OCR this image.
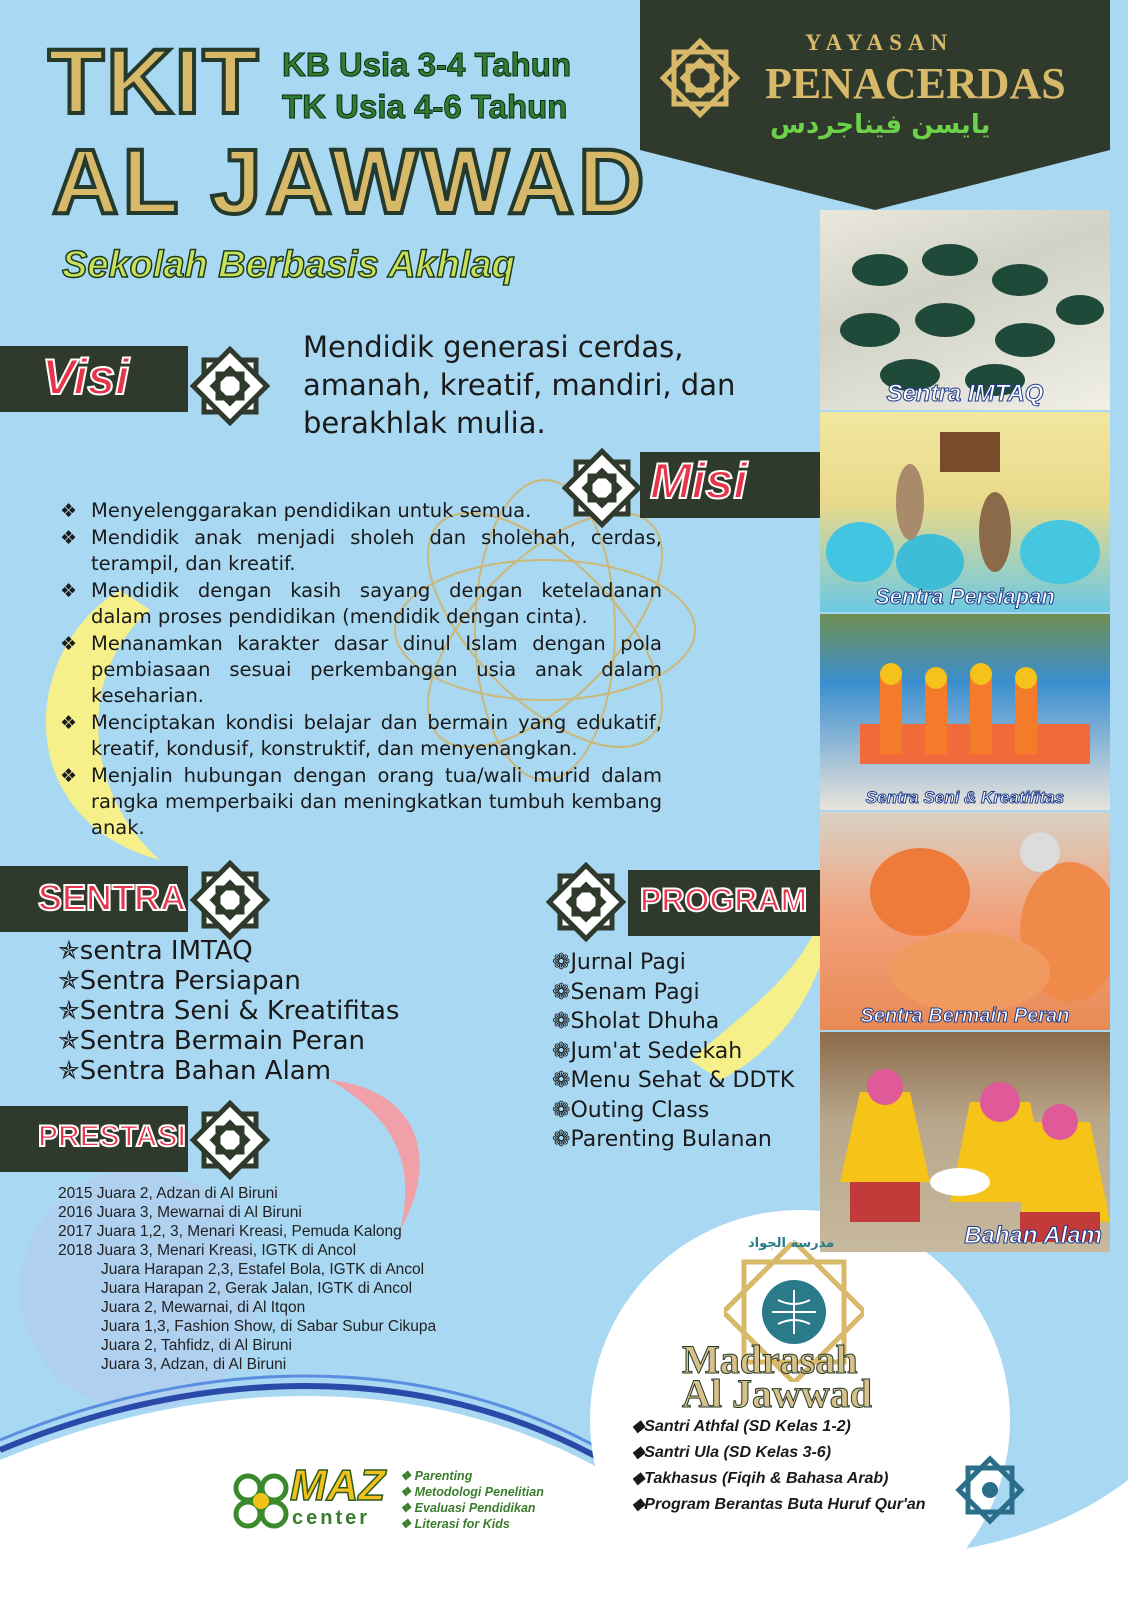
TKIT KB Usia 3-4 Tahun
TK Usia 4-6 Tahun
AL JAWWAD
Sekolah Berbasis Akhlaq
YAYASAN
PENACERDAS
يايسن فيناجردس
Visi
Mendidik generasi cerdas, amanah, kreatif, mandiri, dan berakhlak mulia.
Misi
❖ Menyelenggarakan pendidikan untuk semua.
❖ Mendidik anak menjadi sholeh dan sholehah, cerdas, terampil, dan kreatif.
❖ Mendidik dengan kasih sayang dengan keteladanan dalam proses pendidikan (mendidik dengan cinta).
❖ Menanamkan karakter dasar dinul Islam dengan pola pembiasaan sesuai perkembangan usia anak dalam keseharian.
❖ Menciptakan kondisi belajar dan bermain yang edukatif, kreatif, kondusif, konstruktif, dan menyenangkan.
❖ Menjalin hubungan dengan orang tua/wali murid dalam rangka memperbaiki dan meningkatkan tumbuh kembang anak.
SENTRA
✯sentra IMTAQ
✯Sentra Persiapan
✯Sentra Seni & Kreatifitas
✯Sentra Bermain Peran
✯Sentra Bahan Alam
PROGRAM
❁Jurnal Pagi
❁Senam Pagi
❁Sholat Dhuha
❁Jum'at Sedekah
❁Menu Sehat & DDTK
❁Outing Class
❁Parenting Bulanan
PRESTASI
2015 Juara 2, Adzan di Al Biruni
2016 Juara 3, Mewarnai di Al Biruni
2017 Juara 1,2, 3, Menari Kreasi, Pemuda Kalong
2018 Juara 3, Menari Kreasi, IGTK di Ancol
Juara Harapan 2,3, Estafel Bola, IGTK di Ancol
Juara Harapan 2, Gerak Jalan, IGTK di Ancol
Juara 2, Mewarnai, di Al Itqon
Juara 1,3, Fashion Show, di Sabar Subur Cikupa
Juara 2, Tahfidz, di Al Biruni
Juara 3, Adzan, di Al Biruni
Sentra IMTAQ
Sentra Persiapan
Sentra Seni & Kreatifitas
Sentra Bermain Peran
Bahan Alam
مدرسة الجواد
Madrasah
Al Jawwad
◆Santri Athfal (SD Kelas 1-2)
◆Santri Ula (SD Kelas 3-6)
◆Takhasus (Fiqih & Bahasa Arab)
◆Program Berantas Buta Huruf Qur'an
MAZ
center
❖ Parenting
❖ Metodologi Penelitian
❖ Evaluasi Pendidikan
❖ Literasi for Kids
